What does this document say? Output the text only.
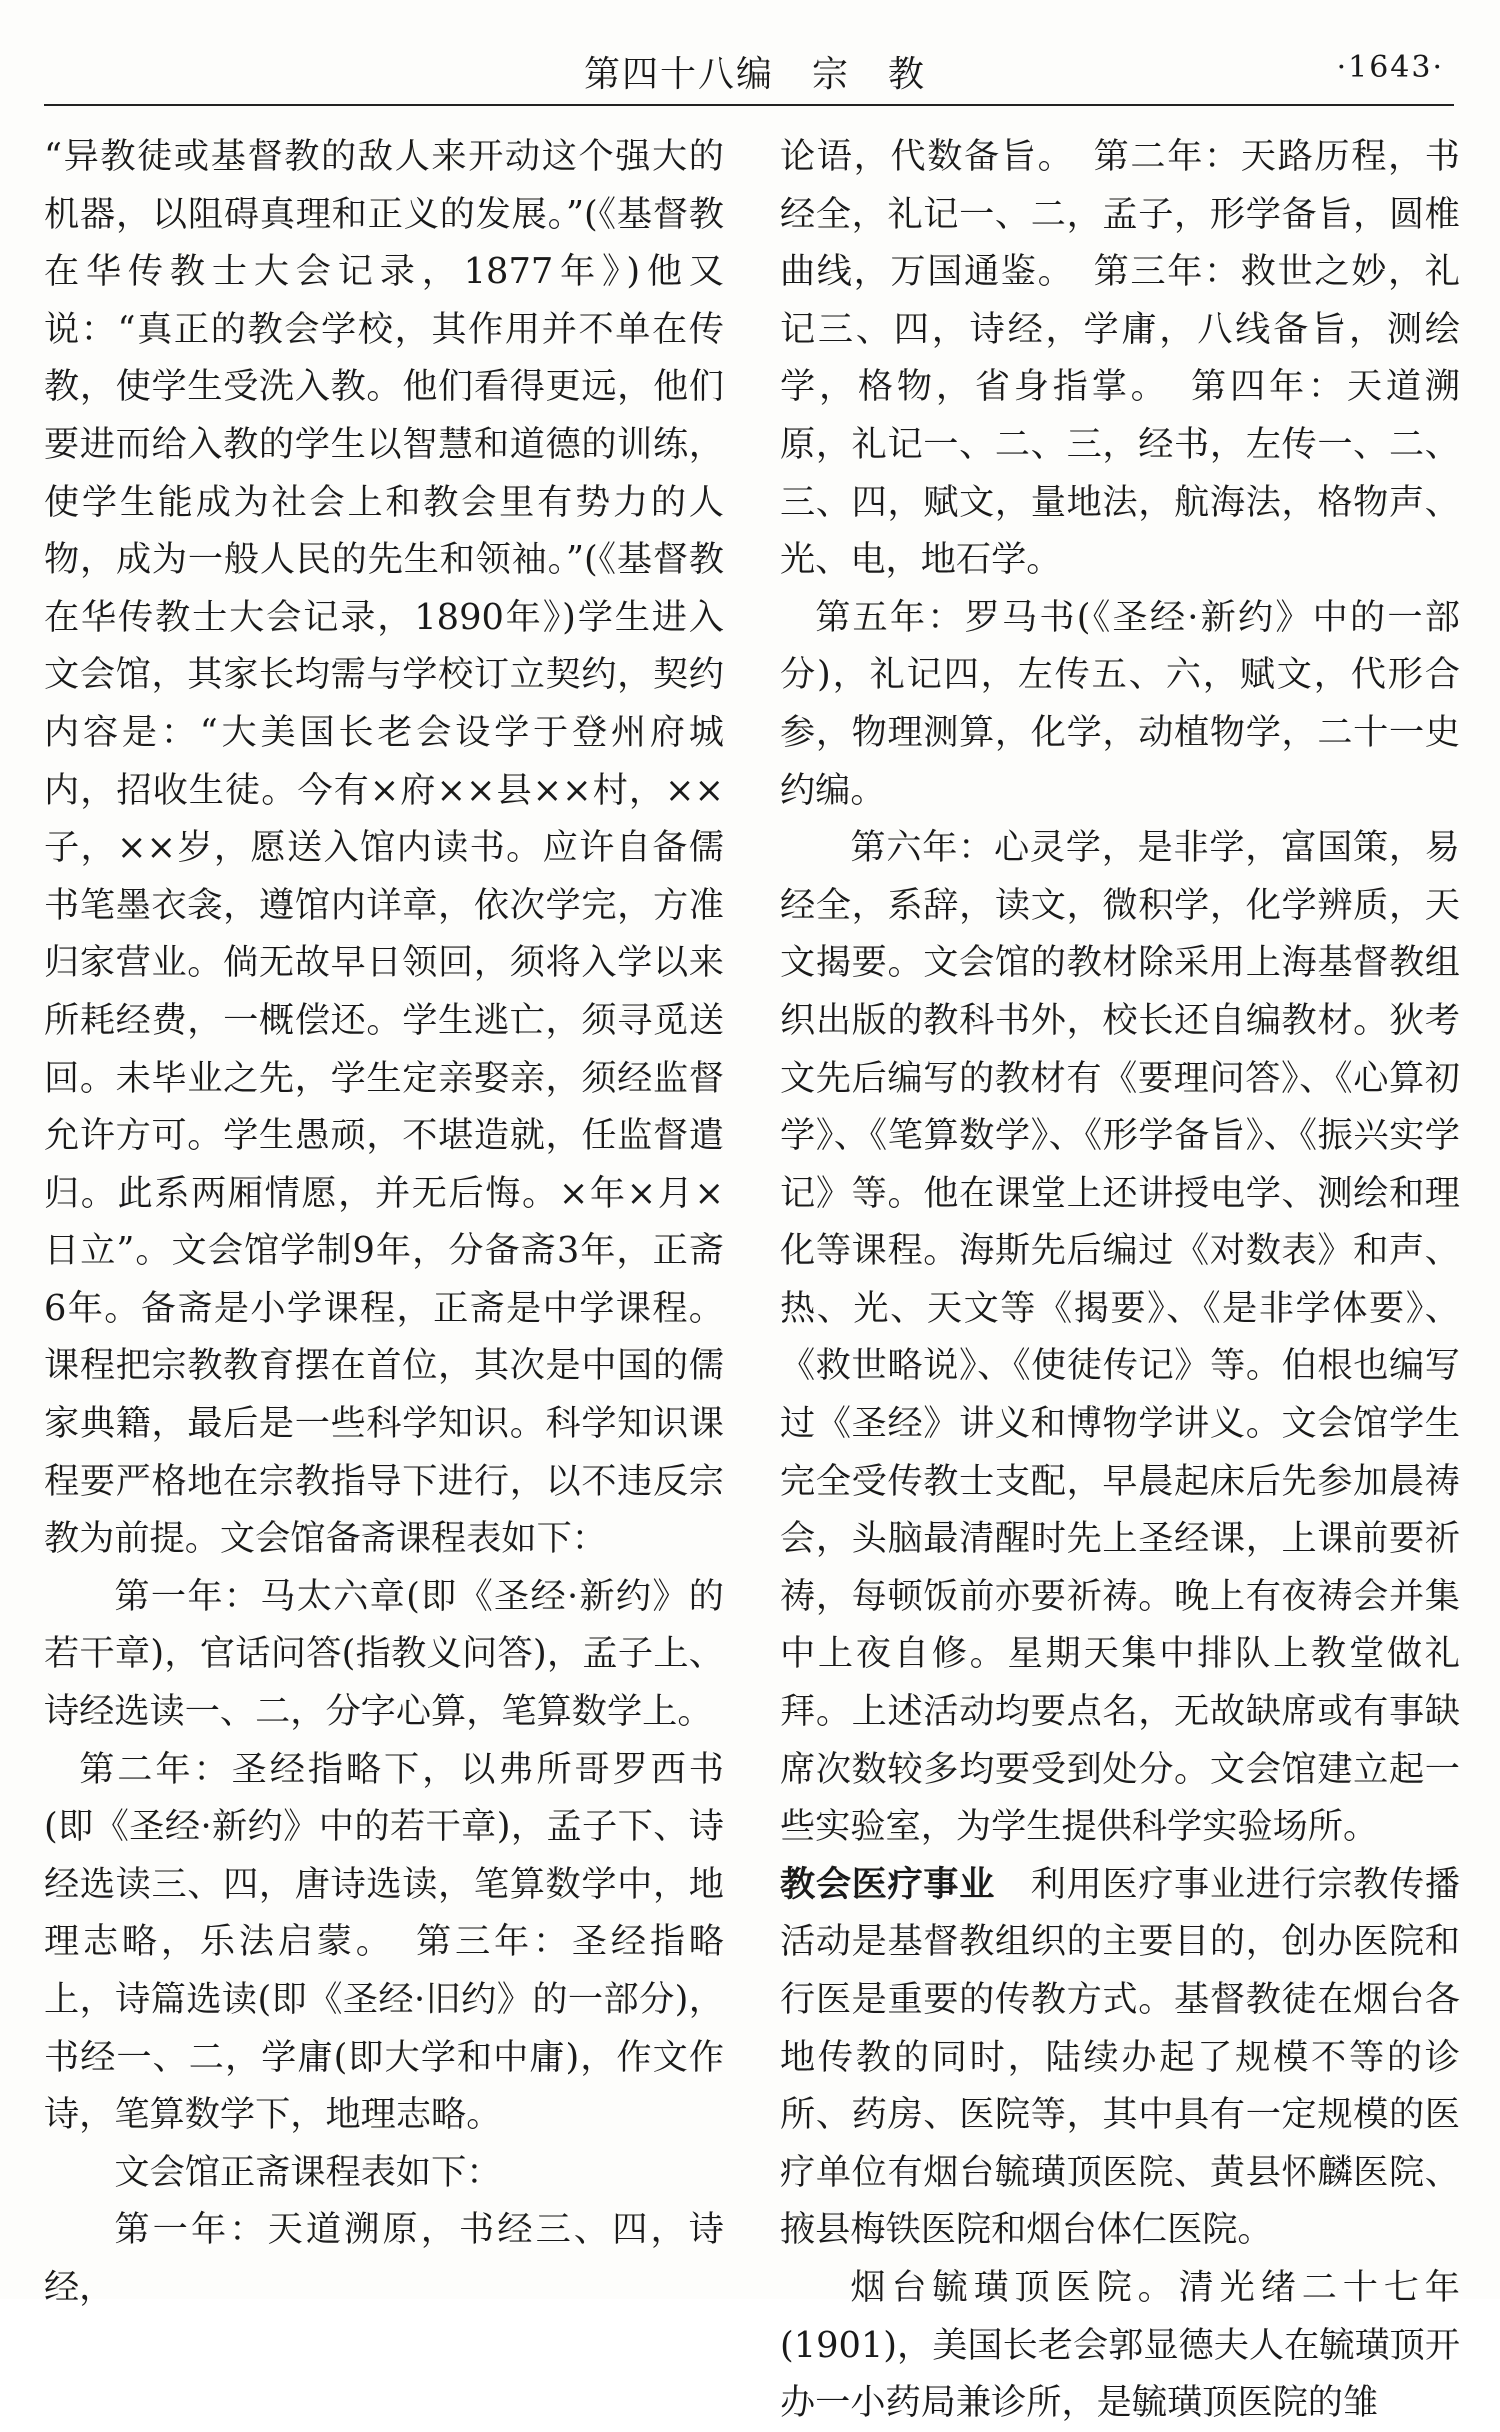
第四十八编　宗　教	·1643·

“异教徒或基督教的敌人来开动这个强大的机器，以阻碍真理和正义的发展。”(《基督教在华传教士大会记录，1877年》)他又说：“真正的教会学校，其作用并不单在传教，使学生受洗入教。他们看得更远，他们要进而给入教的学生以智慧和道德的训练，使学生能成为社会上和教会里有势力的人物，成为一般人民的先生和领袖。”(《基督教在华传教士大会记录，1890年》)学生进入文会馆，其家长均需与学校订立契约，契约内容是：“大美国长老会设学于登州府城内，招收生徒。今有×府××县××村，××子，××岁，愿送入馆内读书。应许自备儒书笔墨衣衾，遵馆内详章，依次学完，方准归家营业。倘无故早日领回，须将入学以来所耗经费，一概偿还。学生逃亡，须寻觅送回。未毕业之先，学生定亲娶亲，须经监督允许方可。学生愚顽，不堪造就，任监督遣归。此系两厢情愿，并无后悔。×年×月×日立”。文会馆学制9年，分备斋3年，正斋6年。备斋是小学课程，正斋是中学课程。课程把宗教教育摆在首位，其次是中国的儒家典籍，最后是一些科学知识。科学知识课程要严格地在宗教指导下进行，以不违反宗教为前提。文会馆备斋课程表如下：

第一年：马太六章(即《圣经·新约》的若干章)，官话问答(指教义问答)，孟子上、诗经选读一、二，分字心算，笔算数学上。

第二年：圣经指略下，以弗所哥罗西书(即《圣经·新约》中的若干章)，孟子下、诗经选读三、四，唐诗选读，笔算数学中，地理志略，乐法启蒙。　第三年：圣经指略上，诗篇选读(即《圣经·旧约》的一部分)，书经一、二，学庸(即大学和中庸)，作文作诗，笔算数学下，地理志略。

文会馆正斋课程表如下：

第一年：天道溯原，书经三、四，诗经，

论语，代数备旨。　第二年：天路历程，书经全，礼记一、二，孟子，形学备旨，圆椎曲线，万国通鉴。　第三年：救世之妙，礼记三、四，诗经，学庸，八线备旨，测绘学，格物，省身指掌。　第四年：天道溯原，礼记一、二、三，经书，左传一、二、三、四，赋文，量地法，航海法，格物声、光、电，地石学。

第五年：罗马书(《圣经·新约》中的一部分)，礼记四，左传五、六，赋文，代形合参，物理测算，化学，动植物学，二十一史约编。

第六年：心灵学，是非学，富国策，易经全，系辞，读文，微积学，化学辨质，天文揭要。文会馆的教材除采用上海基督教组织出版的教科书外，校长还自编教材。狄考文先后编写的教材有《要理问答》、《心算初学》、《笔算数学》、《形学备旨》、《振兴实学记》等。他在课堂上还讲授电学、测绘和理化等课程。海斯先后编过《对数表》和声、热、光、天文等《揭要》、《是非学体要》、《救世略说》、《使徒传记》等。伯根也编写过《圣经》讲义和博物学讲义。文会馆学生完全受传教士支配，早晨起床后先参加晨祷会，头脑最清醒时先上圣经课，上课前要祈祷，每顿饭前亦要祈祷。晚上有夜祷会并集中上夜自修。星期天集中排队上教堂做礼拜。上述活动均要点名，无故缺席或有事缺席次数较多均要受到处分。文会馆建立起一些实验室，为学生提供科学实验场所。

教会医疗事业　利用医疗事业进行宗教传播活动是基督教组织的主要目的，创办医院和行医是重要的传教方式。基督教徒在烟台各地传教的同时，陆续办起了规模不等的诊所、药房、医院等，其中具有一定规模的医疗单位有烟台毓璜顶医院、黄县怀麟医院、掖县梅铁医院和烟台体仁医院。

烟台毓璜顶医院。清光绪二十七年(1901)，美国长老会郭显德夫人在毓璜顶开办一小药局兼诊所，是毓璜顶医院的雏
